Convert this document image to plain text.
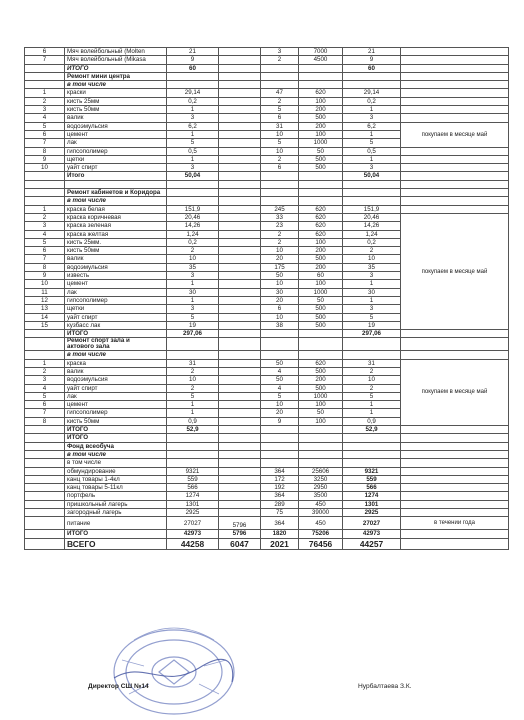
6	Мяч волейбольный (Molten	21		3	7000	21	
7	Мяч волейбольный (Mikasa	9		2	4500	9	
	ИТОГО	60				60	
	Ремонт мини центра						
	в том числе						
1	краски	29,14		47	620	29,14	
2	кисть 25мм	0,2		2	100	0,2	
3	кисть 50мм	1		5	200	1	
4	валик	3		6	500	3	
5	водоэмульсия	6,2		31	200	6,2	покупаем в месяце май
6	цемент	1		10	100	1	
7	лак	5		5	1000	5	
8	гипсополимер	0,5		10	50	0,5	
9	щетки	1		2	500	1	
10	уайт спирт	3		6	500	3	
	Итого	50,04				50,04	

	Ремонт кабинетов и Коридора						
	в том числе						
1	краска белая	151,9		245	620	151,9	
2	краска коричневая	20,46		33	620	20,46	покупаем в месяце май
3	краска зеленая	14,26		23	620	14,26	
4	краска желтая	1,24		2	620	1,24	
5	кисть 25мм.	0,2		2	100	0,2	
6	кисть 50мм	2		10	200	2	
7	валик	10		20	500	10	
8	водоэмульсия	35		175	200	35	
9	известь	3		50	60	3	
10	цемент	1		10	100	1	
11	лак	30		30	1000	30	
12	гипсополимер	1		20	50	1	
13	щетки	3		6	500	3	
14	уайт спирт	5		10	500	5	
15	кузбасс лак	19		38	500	19	
	ИТОГО	297,06				297,06	

	Ремонт спорт зала и
актового зала						

	в том числе						
1	краска	31		50	620	31	покупаем в месяце май
2	валик	2		4	500	2	
3	водоэмульсия	10		50	200	10	
4	уайт спирт	2		4	500	2	
5	лак	5		5	1000	5	
6	цемент	1		10	100	1	
7	гипсополимер	1		20	50	1	
8	кисть 50мм	0,9		9	100	0,9	
	ИТОГО	52,9				52,9	
	ИТОГО						
	Фонд всеобуча						
	в том числе						
	в том числе						
	обмундирование	9321		364	25606	9321	
	канц товары 1-4кл	559		172	3250	559	
	канц товары 5-11кл	566		192	2950	566	
	портфель	1274		364	3500	1274	
	пришкольный лагерь	1301		289	450	1301	
	загородный лагерь	2925		75	39000	2925	
	питание	27027	5796	364	450	27027	в течении года
	ИТОГО	42973	5796	1820	75206	42973	
	ВСЕГО	44258	6047	2021	76456	44257	
Директор СШ №14	Нурбалтаева З.К.
